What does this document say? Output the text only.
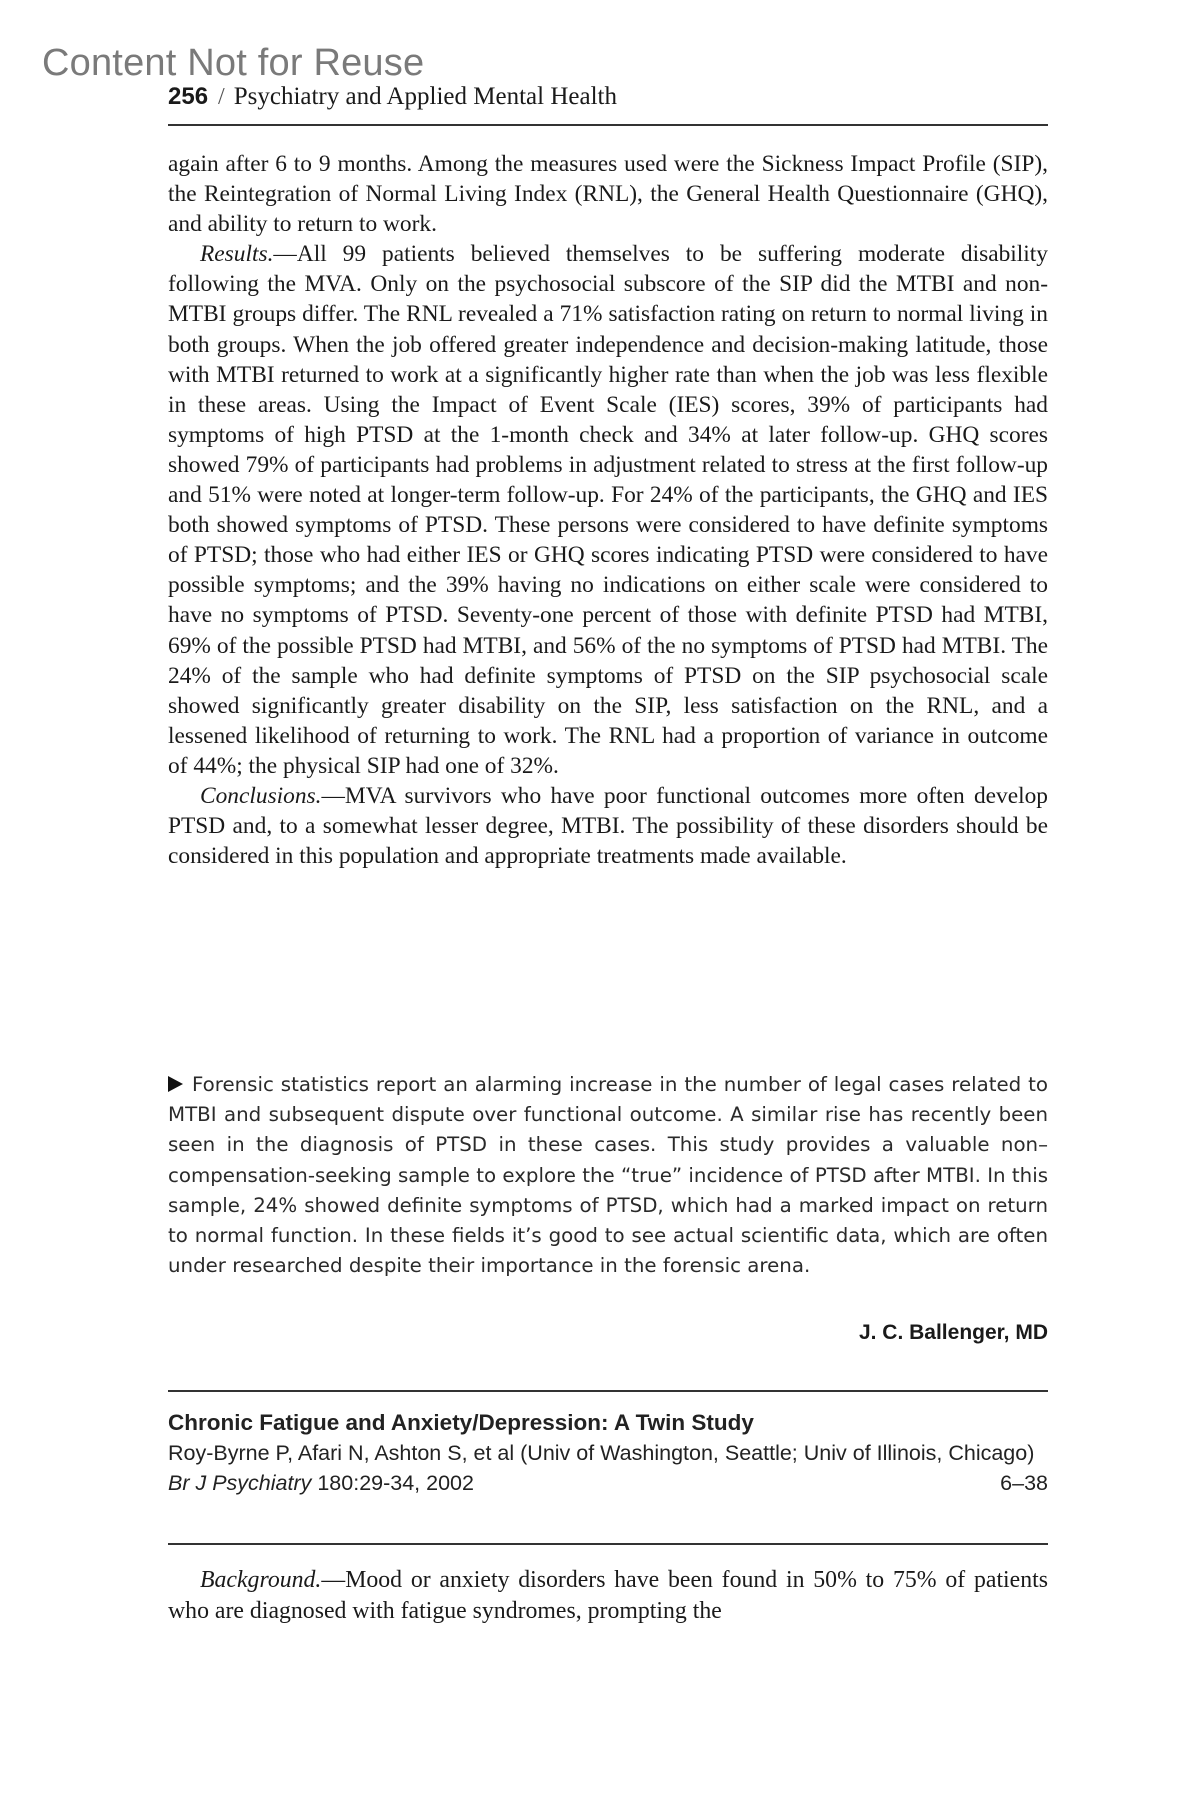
Content Not for Reuse
256 / Psychiatry and Applied Mental Health

again after 6 to 9 months. Among the measures used were the Sickness Impact Profile (SIP), the Reintegration of Normal Living Index (RNL), the General Health Questionnaire (GHQ), and ability to return to work.

Results.—All 99 patients believed themselves to be suffering moderate disability following the MVA. Only on the psychosocial subscore of the SIP did the MTBI and non-MTBI groups differ. The RNL revealed a 71% satisfaction rating on return to normal living in both groups. When the job offered greater independence and decision-making latitude, those with MTBI returned to work at a significantly higher rate than when the job was less flexible in these areas. Using the Impact of Event Scale (IES) scores, 39% of participants had symptoms of high PTSD at the 1-month check and 34% at later follow-up. GHQ scores showed 79% of participants had problems in adjustment related to stress at the first follow-up and 51% were noted at longer-term follow-up. For 24% of the participants, the GHQ and IES both showed symptoms of PTSD. These persons were considered to have definite symptoms of PTSD; those who had either IES or GHQ scores indicating PTSD were considered to have possible symptoms; and the 39% having no indications on either scale were considered to have no symptoms of PTSD. Seventy-one percent of those with definite PTSD had MTBI, 69% of the possible PTSD had MTBI, and 56% of the no symptoms of PTSD had MTBI. The 24% of the sample who had definite symptoms of PTSD on the SIP psychosocial scale showed significantly greater disability on the SIP, less satisfaction on the RNL, and a lessened likelihood of returning to work. The RNL had a proportion of variance in outcome of 44%; the physical SIP had one of 32%.

Conclusions.—MVA survivors who have poor functional outcomes more often develop PTSD and, to a somewhat lesser degree, MTBI. The possibility of these disorders should be considered in this population and appropriate treatments made available.

Forensic statistics report an alarming increase in the number of legal cases related to MTBI and subsequent dispute over functional outcome. A similar rise has recently been seen in the diagnosis of PTSD in these cases. This study provides a valuable non–compensation-seeking sample to explore the “true” incidence of PTSD after MTBI. In this sample, 24% showed definite symptoms of PTSD, which had a marked impact on return to normal function. In these fields it’s good to see actual scientific data, which are often under researched despite their importance in the forensic arena.

J. C. Ballenger, MD
Chronic Fatigue and Anxiety/Depression: A Twin Study
Roy-Byrne P, Afari N, Ashton S, et al (Univ of Washington, Seattle; Univ of Illinois, Chicago)
Br J Psychiatry 180:29-34, 2002	6–38

Background.—Mood or anxiety disorders have been found in 50% to 75% of patients who are diagnosed with fatigue syndromes, prompting the
